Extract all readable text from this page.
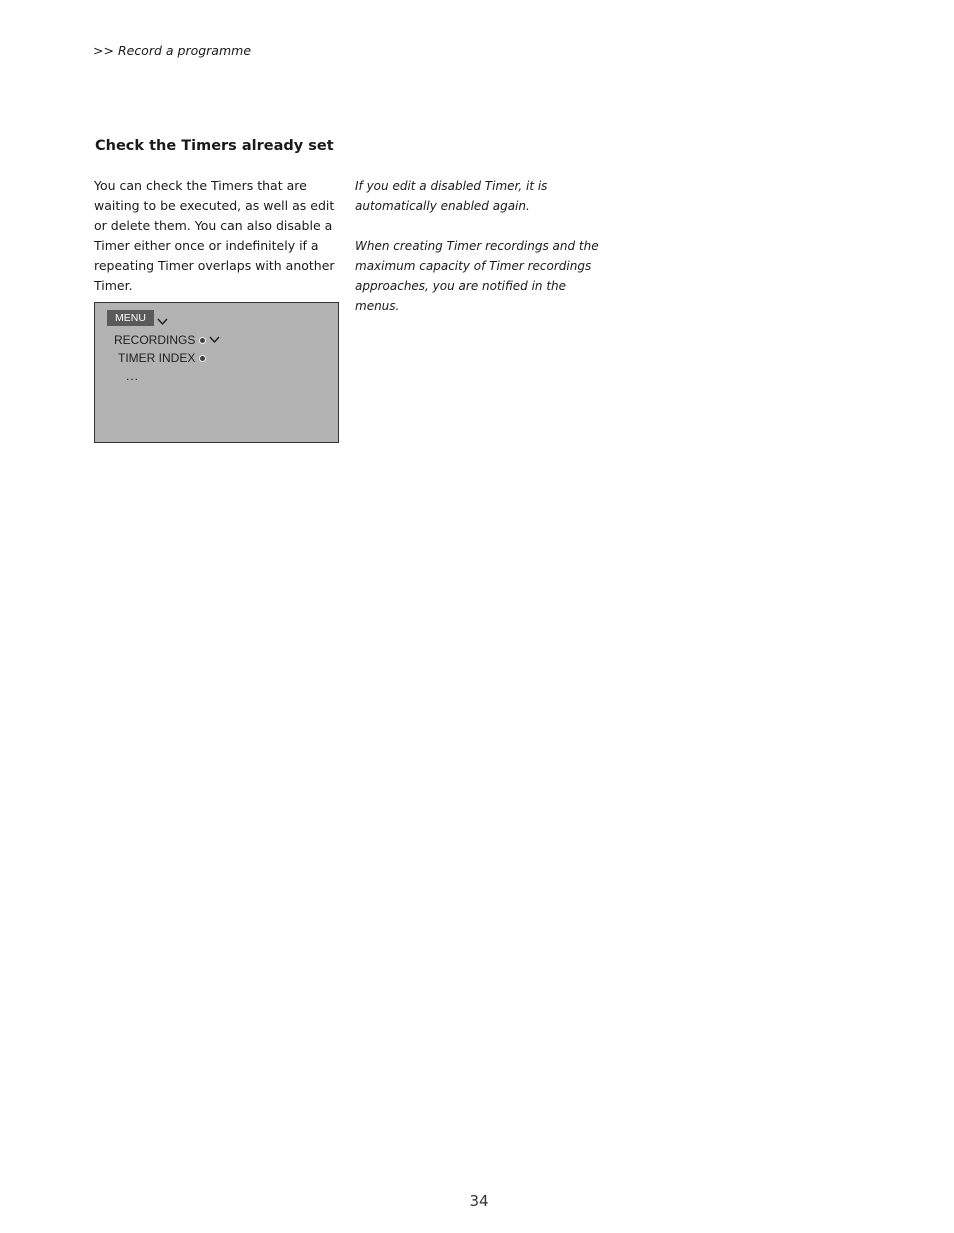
>> Record a programme
Check the Timers already set

You can check the Timers that are waiting to be executed, as well as edit or delete them. You can also disable a Timer either once or indefinitely if a repeating Timer overlaps with another Timer.

If you edit a disabled Timer, it is automatically enabled again.

When creating Timer recordings and the maximum capacity of Timer recordings approaches, you are notified in the menus.

MENU
RECORDINGS
TIMER INDEX
...
34
